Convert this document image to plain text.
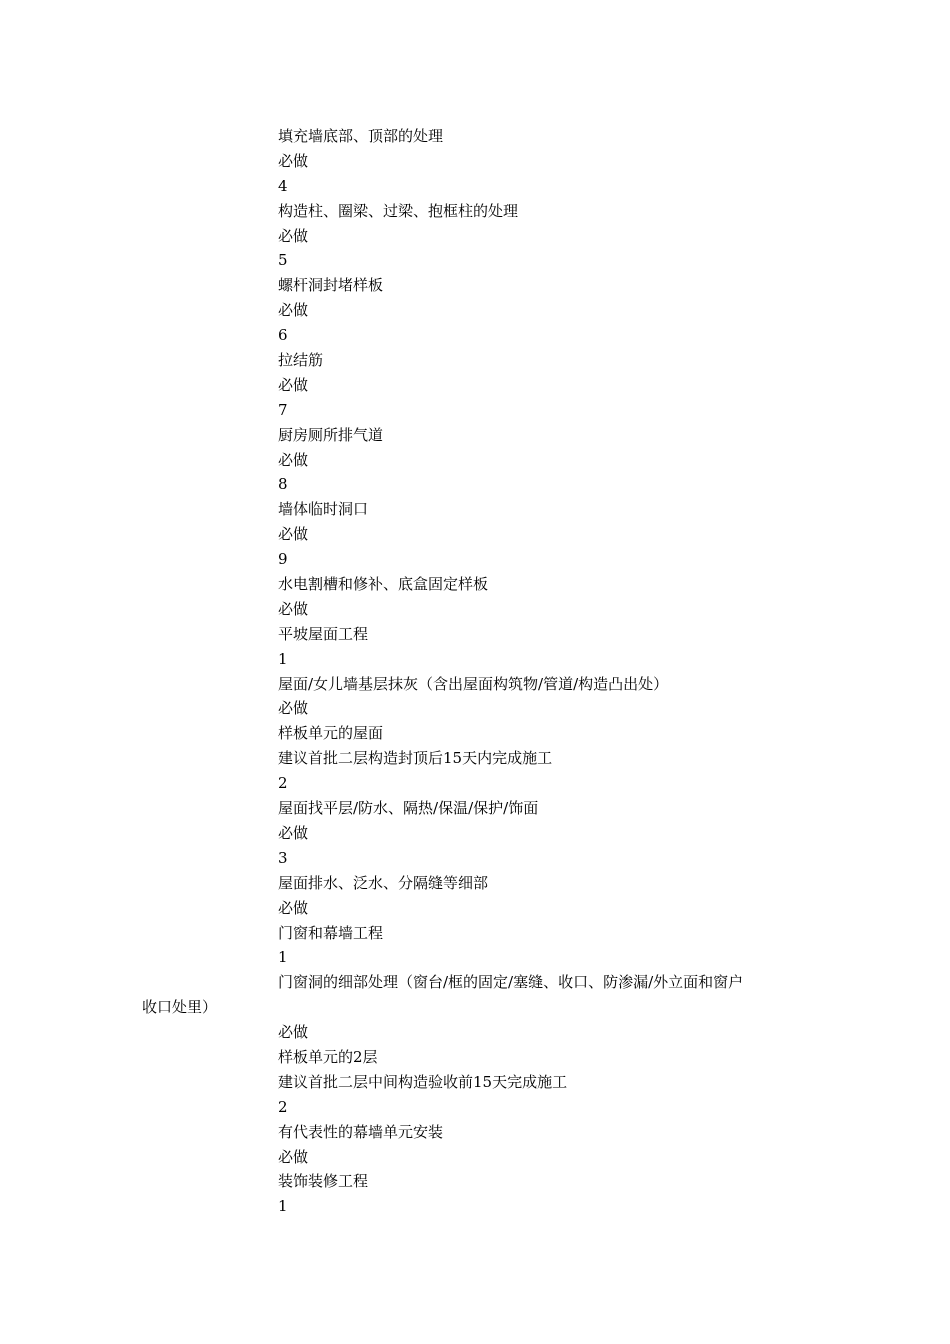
填充墙底部、顶部的处理
必做
4
构造柱、圈梁、过梁、抱框柱的处理
必做
5
螺杆洞封堵样板
必做
6
拉结筋
必做
7
厨房厕所排气道
必做
8
墙体临时洞口
必做
9
水电割槽和修补、底盒固定样板
必做
平坡屋面工程
1
屋面/女儿墙基层抹灰（含出屋面构筑物/管道/构造凸出处）
必做
样板单元的屋面
建议首批二层构造封顶后15天内完成施工
2
屋面找平层/防水、隔热/保温/保护/饰面
必做
3
屋面排水、泛水、分隔缝等细部
必做
门窗和幕墙工程
1
门窗洞的细部处理（窗台/框的固定/塞缝、收口、防渗漏/外立面和窗户
收口处里）
必做
样板单元的2层
建议首批二层中间构造验收前15天完成施工
2
有代表性的幕墙单元安装
必做
装饰装修工程
1
